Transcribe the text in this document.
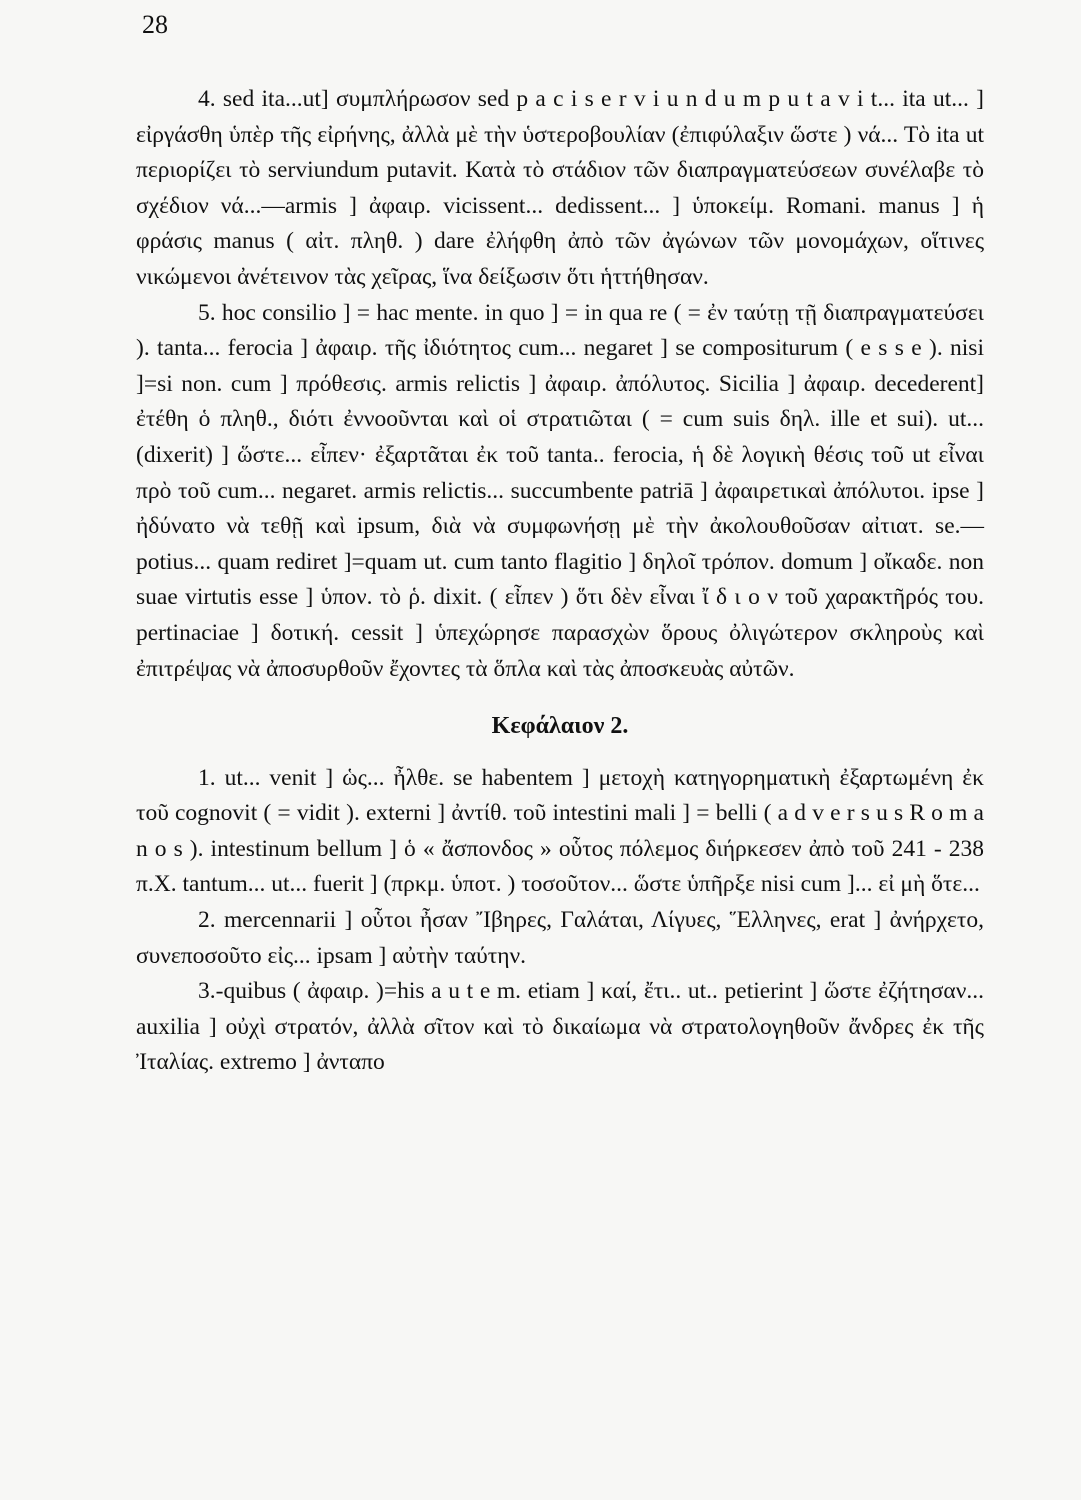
28

4. sed ita...ut] συμπλήρωσον sed p a c i s e r v i u n d u m p u t a v i t... ita ut... ] εἰργάσθη ὑπὲρ τῆς εἰρήνης, ἀλλὰ μὲ τὴν ὑστεροβουλίαν (ἐπιφύλαξιν ὥστε ) νά... Τὸ ita ut περιορίζει τὸ serviundum putavit. Κατὰ τὸ στάδιον τῶν διαπραγματεύσεων συνέλαβε τὸ σχέδιον νά...—armis ] ἀφαιρ. vicissent... dedissent... ] ὑποκείμ. Romani. manus ] ἡ φράσις manus ( αἰτ. πληθ. ) dare ἐλήφθη ἀπὸ τῶν ἀγώνων τῶν μονομάχων, οἵτινες νικώμενοι ἀνέτεινον τὰς χεῖρας, ἵνα δείξωσιν ὅτι ἡττήθησαν.

5. hoc consilio ] = hac mente. in quo ] = in qua re ( = ἐν ταύτῃ τῇ διαπραγματεύσει ). tanta... ferocia ] ἀφαιρ. τῆς ἰδιότητος cum... negaret ] se compositurum ( e s s e ). nisi ]=si non. cum ] πρόθεσις. armis relictis ] ἀφαιρ. ἀπόλυτος. Sicilia ] ἀφαιρ. decederent] ἐτέθη ὁ πληθ., διότι ἐννοοῦνται καὶ οἱ στρατιῶται ( = cum suis δηλ. ille et sui). ut... (dixerit) ] ὥστε... εἶπεν· ἐξαρτᾶται ἐκ τοῦ tanta.. ferocia, ἡ δὲ λογικὴ θέσις τοῦ ut εἶναι πρὸ τοῦ cum... negaret. armis relictis... succumbente patriā ] ἀφαιρετικαὶ ἀπόλυτοι. ipse ] ἠδύνατο νὰ τεθῇ καὶ ipsum, διὰ νὰ συμφωνήσῃ μὲ τὴν ἀκολουθοῦσαν αἰτιατ. se.—potius... quam rediret ]=quam ut. cum tanto flagitio ] δηλοῖ τρόπον. domum ] οἴκαδε. non suae virtutis esse ] ὑπον. τὸ ῥ. dixit. ( εἶπεν ) ὅτι δὲν εἶναι ἴ δ ι ο ν τοῦ χαρακτῆρός του. pertinaciae ] δοτική. cessit ] ὑπεχώρησε παρασχὼν ὅρους ὀλιγώτερον σκληροὺς καὶ ἐπιτρέψας νὰ ἀποσυρθοῦν ἔχοντες τὰ ὅπλα καὶ τὰς ἀποσκευὰς αὐτῶν.

Κεφάλαιον 2.

1. ut... venit ] ὡς... ἦλθε. se habentem ] μετοχὴ κατηγορηματικὴ ἐξαρτωμένη ἐκ τοῦ cognovit ( = vidit ). externi ] ἀντίθ. τοῦ intestini mali ] = belli ( a d v e r s u s R o m a n o s ). intestinum bellum ] ὁ « ἄσπονδος » οὗτος πόλεμος διήρκεσεν ἀπὸ τοῦ 241 - 238 π.Χ. tantum... ut... fuerit ] (πρκμ. ὑποτ. ) τοσοῦτον... ὥστε ὑπῆρξε nisi cum ]... εἰ μὴ ὅτε...

2. mercennarii ] οὗτοι ἦσαν Ἴβηρες, Γαλάται, Λίγυες, Ἕλληνες, erat ] ἀνήρχετο, συνεποσοῦτο εἰς... ipsam ] αὐτὴν ταύτην.

3.-quibus ( ἀφαιρ. )=his a u t e m. etiam ] καί, ἔτι.. ut.. petierint ] ὥστε ἐζήτησαν... auxilia ] οὐχὶ στρατόν, ἀλλὰ σῖτον καὶ τὸ δικαίωμα νὰ στρατολογηθοῦν ἄνδρες ἐκ τῆς Ἰταλίας. extremo ] ἀνταπο
